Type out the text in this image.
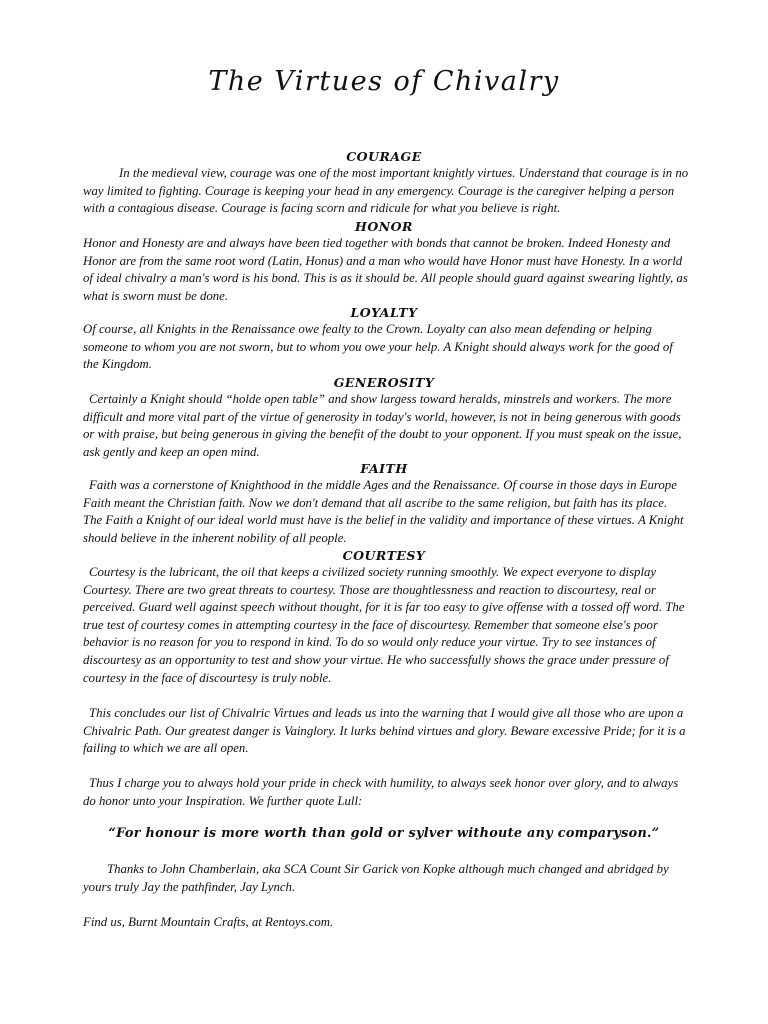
The Virtues of Chivalry
COURAGE

In the medieval view, courage was one of the most important knightly virtues. Understand that courage is in no way limited to fighting. Courage is keeping your head in any emergency. Courage is the caregiver helping a person with a contagious disease. Courage is facing scorn and ridicule for what you believe is right.

HONOR

Honor and Honesty are and always have been tied together with bonds that cannot be broken. Indeed Honesty and Honor are from the same root word (Latin, Honus) and a man who would have Honor must have Honesty. In a world of ideal chivalry a man's word is his bond. This is as it should be. All people should guard against swearing lightly, as what is sworn must be done.

LOYALTY

Of course, all Knights in the Renaissance owe fealty to the Crown. Loyalty can also mean defending or helping someone to whom you are not sworn, but to whom you owe your help. A Knight should always work for the good of the Kingdom.

GENEROSITY

Certainly a Knight should “holde open table” and show largess toward heralds, minstrels and workers. The more difficult and more vital part of the virtue of generosity in today's world, however, is not in being generous with goods or with praise, but being generous in giving the benefit of the doubt to your opponent. If you must speak on the issue, ask gently and keep an open mind.

FAITH

Faith was a cornerstone of Knighthood in the middle Ages and the Renaissance. Of course in those days in Europe Faith meant the Christian faith. Now we don't demand that all ascribe to the same religion, but faith has its place. The Faith a Knight of our ideal world must have is the belief in the validity and importance of these virtues. A Knight should believe in the inherent nobility of all people.

COURTESY

Courtesy is the lubricant, the oil that keeps a civilized society running smoothly. We expect everyone to display Courtesy. There are two great threats to courtesy. Those are thoughtlessness and reaction to discourtesy, real or perceived. Guard well against speech without thought, for it is far too easy to give offense with a tossed off word. The true test of courtesy comes in attempting courtesy in the face of discourtesy. Remember that someone else's poor behavior is no reason for you to respond in kind. To do so would only reduce your virtue. Try to see instances of discourtesy as an opportunity to test and show your virtue. He who successfully shows the grace under pressure of courtesy in the face of discourtesy is truly noble.

This concludes our list of Chivalric Virtues and leads us into the warning that I would give all those who are upon a Chivalric Path. Our greatest danger is Vainglory. It lurks behind virtues and glory. Beware excessive Pride; for it is a failing to which we are all open.

Thus I charge you to always hold your pride in check with humility, to always seek honor over glory, and to always do honor unto your Inspiration. We further quote Lull:

“For honour is more worth than gold or sylver withoute any comparyson.”

Thanks to John Chamberlain, aka SCA Count Sir Garick von Kopke although much changed and abridged by yours truly Jay the pathfinder, Jay Lynch.

Find us, Burnt Mountain Crafts, at Rentoys.com.
